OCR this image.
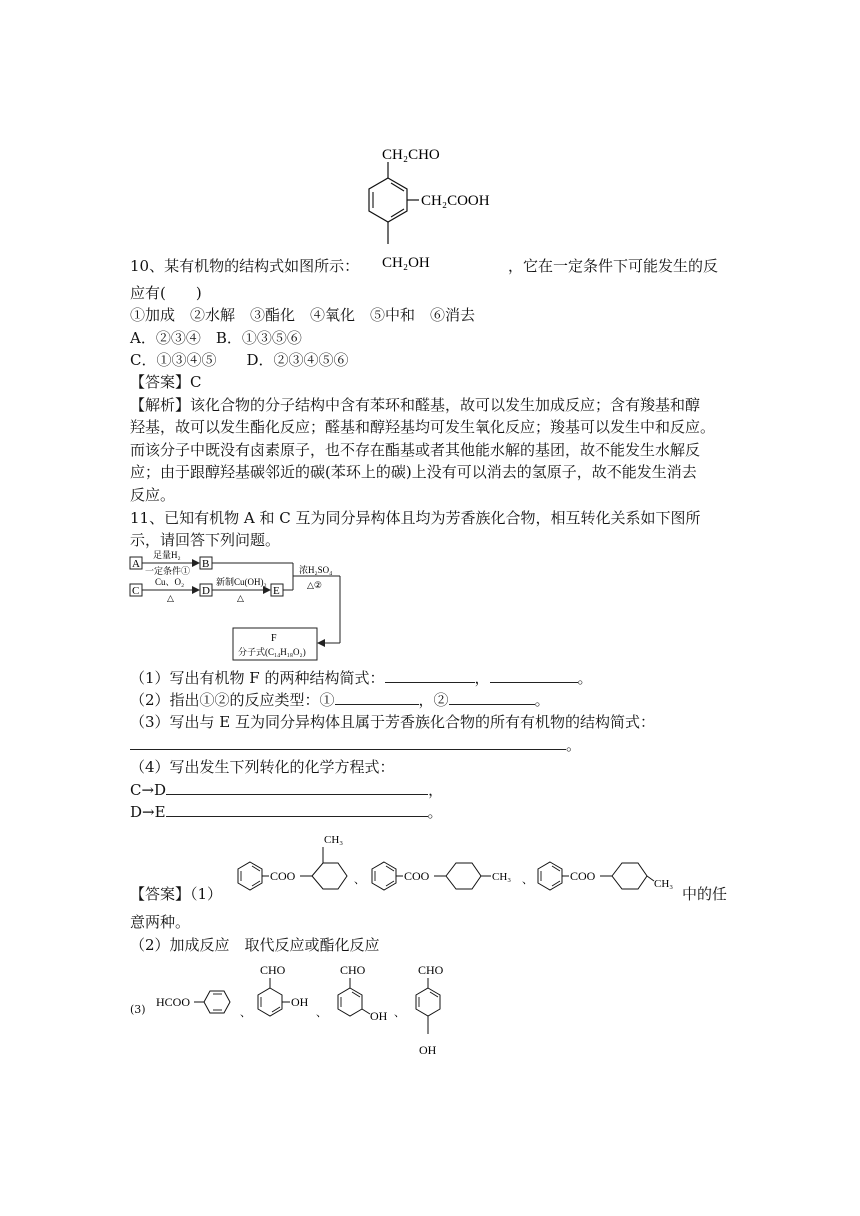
CH₂CHO
CH₂COOH
CH₂OH
10、某有机物的结构式如图所示：	，它在一定条件下可能发生的反
应有(　　)
①加成　②水解　③酯化　④氧化　⑤中和　⑥消去
A．②③④　B．①③⑤⑥
C．①③④⑤　　D．②③④⑤⑥
【答案】C
【解析】该化合物的分子结构中含有苯环和醛基，故可以发生加成反应；含有羧基和醇
羟基，故可以发生酯化反应；醛基和醇羟基均可发生氧化反应；羧基可以发生中和反应。
而该分子中既没有卤素原子，也不存在酯基或者其他能水解的基团，故不能发生水解反
应；由于跟醇羟基碳邻近的碳(苯环上的碳)上没有可以消去的氢原子，故不能发生消去
反应。
11、已知有机物 A 和 C 互为同分异构体且均为芳香族化合物，相互转化关系如下图所
示，请回答下列问题。
A
足量H₂
一定条件①
B
C
Cu、O₂
△
D
新制Cu(OH)₂
△
E
浓H₂SO₄
△②
F
分子式(C₁₄H₁₈O₂)
（1）写出有机物 F 的两种结构简式：	，	。
（2）指出①②的反应类型：①	，②	。
（3）写出与 E 互为同分异构体且属于芳香族化合物的所有有机物的结构简式：
。
（4）写出发生下列转化的化学方程式：
C→D	，
D→E	。
【答案】（1）
COO
CH₃
、	COO	CH₃ 、	COO
CH₃
中的任
意两种。
（2）加成反应　取代反应或酯化反应
(3)
HCOO
、
CHO
OH
、
CHO
OH 、
CHO
OH
